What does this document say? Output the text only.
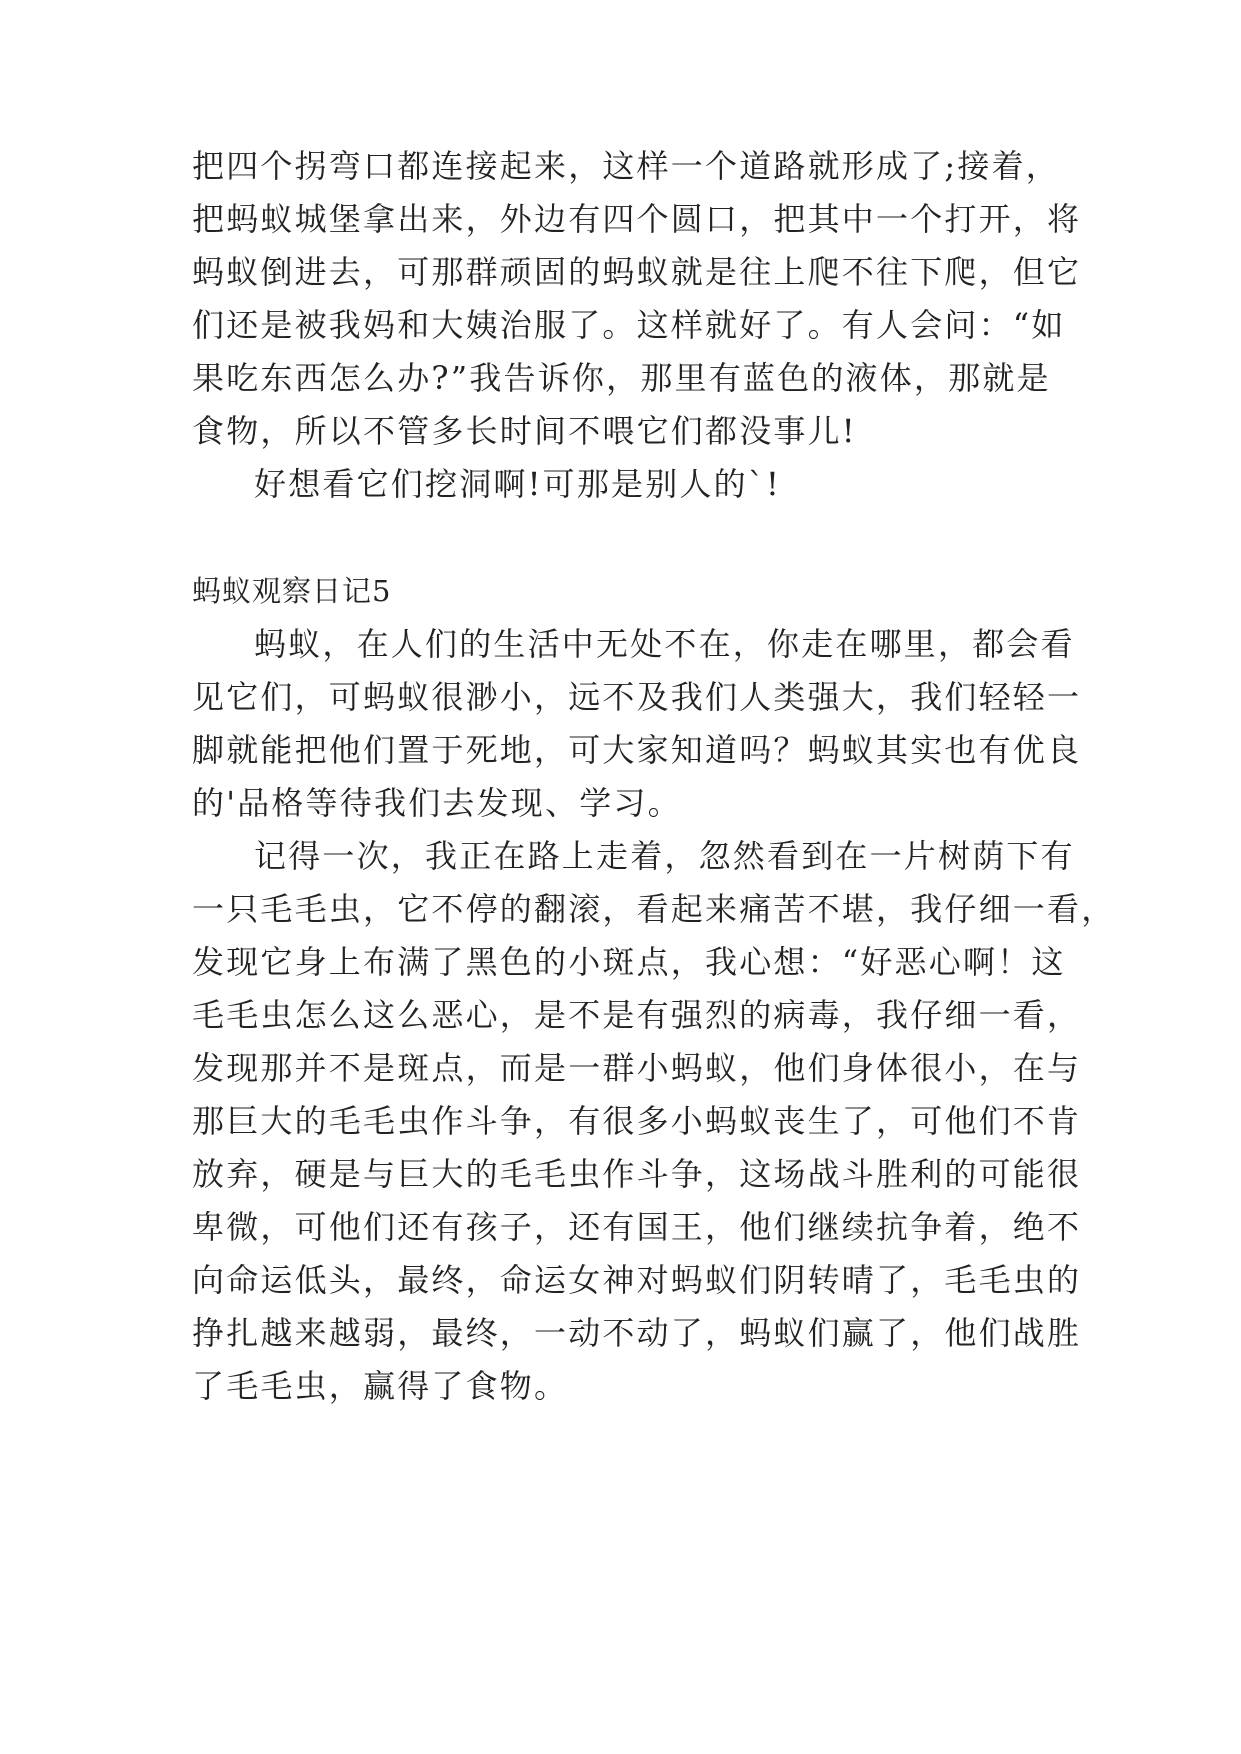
把四个拐弯口都连接起来，这样一个道路就形成了;接着，
把蚂蚁城堡拿出来，外边有四个圆口，把其中一个打开，将
蚂蚁倒进去，可那群顽固的蚂蚁就是往上爬不往下爬，但它
们还是被我妈和大姨治服了。这样就好了。有人会问：“如
果吃东西怎么办?”我告诉你，那里有蓝色的液体，那就是
食物，所以不管多长时间不喂它们都没事儿!
好想看它们挖洞啊!可那是别人的`!
蚂蚁观察日记5
蚂蚁，在人们的生活中无处不在，你走在哪里，都会看
见它们，可蚂蚁很渺小，远不及我们人类强大，我们轻轻一
脚就能把他们置于死地，可大家知道吗？蚂蚁其实也有优良
的'品格等待我们去发现、学习。
记得一次，我正在路上走着，忽然看到在一片树荫下有
一只毛毛虫，它不停的翻滚，看起来痛苦不堪，我仔细一看，
发现它身上布满了黑色的小斑点，我心想：“好恶心啊！这
毛毛虫怎么这么恶心，是不是有强烈的病毒，我仔细一看，
发现那并不是斑点，而是一群小蚂蚁，他们身体很小，在与
那巨大的毛毛虫作斗争，有很多小蚂蚁丧生了，可他们不肯
放弃，硬是与巨大的毛毛虫作斗争，这场战斗胜利的可能很
卑微，可他们还有孩子，还有国王，他们继续抗争着，绝不
向命运低头，最终，命运女神对蚂蚁们阴转晴了，毛毛虫的
挣扎越来越弱，最终，一动不动了，蚂蚁们赢了，他们战胜
了毛毛虫，赢得了食物。
